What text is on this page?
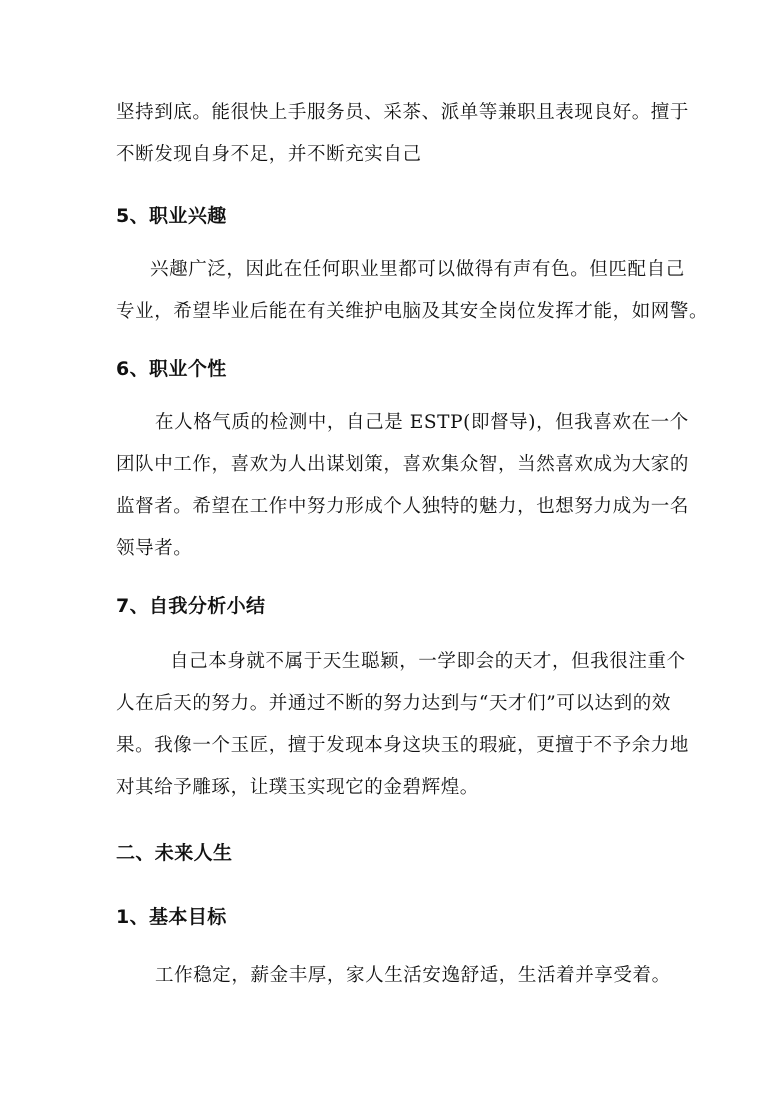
坚持到底。能很快上手服务员、采茶、派单等兼职且表现良好。擅于
不断发现自身不足，并不断充实自己
5、职业兴趣
兴趣广泛，因此在任何职业里都可以做得有声有色。但匹配自己
专业，希望毕业后能在有关维护电脑及其安全岗位发挥才能，如网警。
6、职业个性
在人格气质的检测中，自己是 ESTP(即督导)，但我喜欢在一个
团队中工作，喜欢为人出谋划策，喜欢集众智，当然喜欢成为大家的
监督者。希望在工作中努力形成个人独特的魅力，也想努力成为一名
领导者。
7、自我分析小结
自己本身就不属于天生聪颖，一学即会的天才，但我很注重个
人在后天的努力。并通过不断的努力达到与“天才们”可以达到的效
果。我像一个玉匠，擅于发现本身这块玉的瑕疵，更擅于不予余力地
对其给予雕琢，让璞玉实现它的金碧辉煌。
二、未来人生
1、基本目标
工作稳定，薪金丰厚，家人生活安逸舒适，生活着并享受着。
